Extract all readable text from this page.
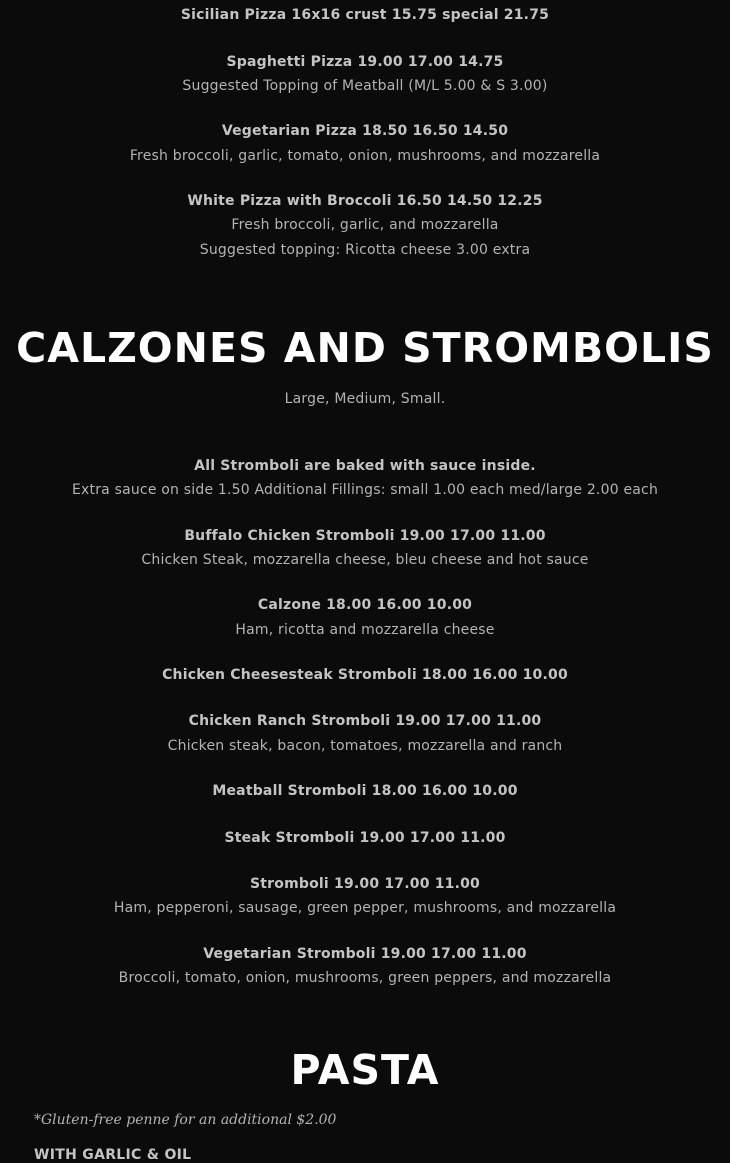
Sicilian Pizza 16x16 crust 15.75 special 21.75
Spaghetti Pizza 19.00 17.00 14.75
Suggested Topping of Meatball (M/L 5.00 & S 3.00)
Vegetarian Pizza 18.50 16.50 14.50
Fresh broccoli, garlic, tomato, onion, mushrooms, and mozzarella
White Pizza with Broccoli 16.50 14.50 12.25
Fresh broccoli, garlic, and mozzarella
Suggested topping: Ricotta cheese 3.00 extra
CALZONES AND STROMBOLIS
Large, Medium, Small.
All Stromboli are baked with sauce inside.
Extra sauce on side 1.50 Additional Fillings: small 1.00 each med/large 2.00 each
Buffalo Chicken Stromboli 19.00 17.00 11.00
Chicken Steak, mozzarella cheese, bleu cheese and hot sauce
Calzone 18.00 16.00 10.00
Ham, ricotta and mozzarella cheese
Chicken Cheesesteak Stromboli 18.00 16.00 10.00
Chicken Ranch Stromboli 19.00 17.00 11.00
Chicken steak, bacon, tomatoes, mozzarella and ranch
Meatball Stromboli 18.00 16.00 10.00
Steak Stromboli 19.00 17.00 11.00
Stromboli 19.00 17.00 11.00
Ham, pepperoni, sausage, green pepper, mushrooms, and mozzarella
Vegetarian Stromboli 19.00 17.00 11.00
Broccoli, tomato, onion, mushrooms, green peppers, and mozzarella
PASTA
*Gluten-free penne for an additional $2.00
WITH GARLIC & OIL
